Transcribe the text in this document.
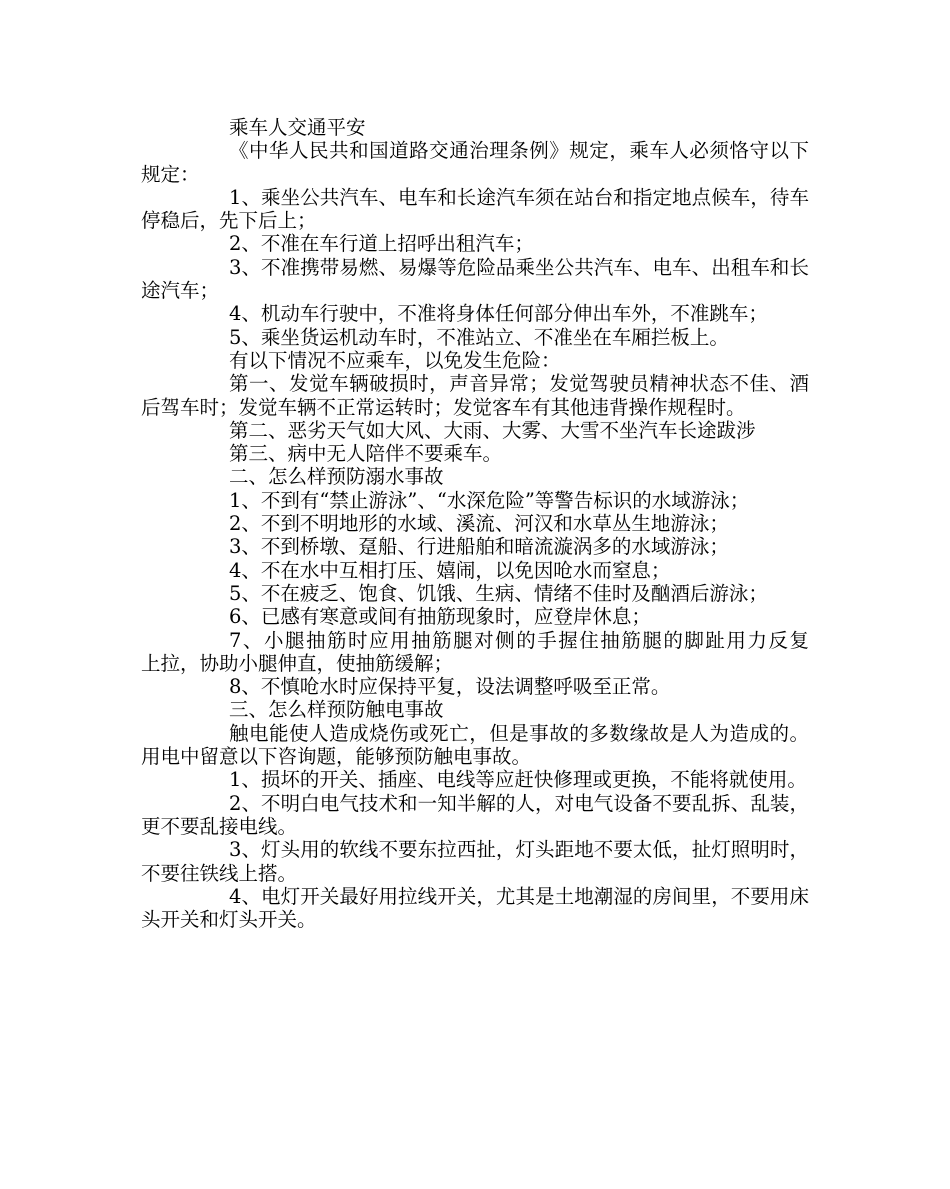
乘车人交通平安

《中华人民共和国道路交通治理条例》规定，乘车人必须恪守以下规定：

1、乘坐公共汽车、电车和长途汽车须在站台和指定地点候车，待车停稳后，先下后上；

2、不准在车行道上招呼出租汽车；

3、不准携带易燃、易爆等危险品乘坐公共汽车、电车、出租车和长途汽车；

4、机动车行驶中，不准将身体任何部分伸出车外，不准跳车；

5、乘坐货运机动车时，不准站立、不准坐在车厢拦板上。

有以下情况不应乘车，以免发生危险：

第一、发觉车辆破损时，声音异常；发觉驾驶员精神状态不佳、酒后驾车时；发觉车辆不正常运转时；发觉客车有其他违背操作规程时。

第二、恶劣天气如大风、大雨、大雾、大雪不坐汽车长途跋涉

第三、病中无人陪伴不要乘车。

二、怎么样预防溺水事故

1、不到有“禁止游泳”、“水深危险”等警告标识的水域游泳；

2、不到不明地形的水域、溪流、河汉和水草丛生地游泳；

3、不到桥墩、趸船、行进船舶和暗流漩涡多的水域游泳；

4、不在水中互相打压、嬉闹，以免因呛水而窒息；

5、不在疲乏、饱食、饥饿、生病、情绪不佳时及酗酒后游泳；

6、已感有寒意或间有抽筋现象时，应登岸休息；

7、小腿抽筋时应用抽筋腿对侧的手握住抽筋腿的脚趾用力反复    上拉，协助小腿伸直，使抽筋缓解；

8、不慎呛水时应保持平复，设法调整呼吸至正常。

三、怎么样预防触电事故

触电能使人造成烧伤或死亡，但是事故的多数缘故是人为造成的。用电中留意以下咨询题，能够预防触电事故。

1、损坏的开关、插座、电线等应赶快修理或更换，不能将就使用。

2、不明白电气技术和一知半解的人，对电气设备不要乱拆、乱装，更不要乱接电线。

3、灯头用的软线不要东拉西扯，灯头距地不要太低，扯灯照明时，不要往铁线上搭。

4、电灯开关最好用拉线开关，尤其是土地潮湿的房间里，不要用床头开关和灯头开关。
